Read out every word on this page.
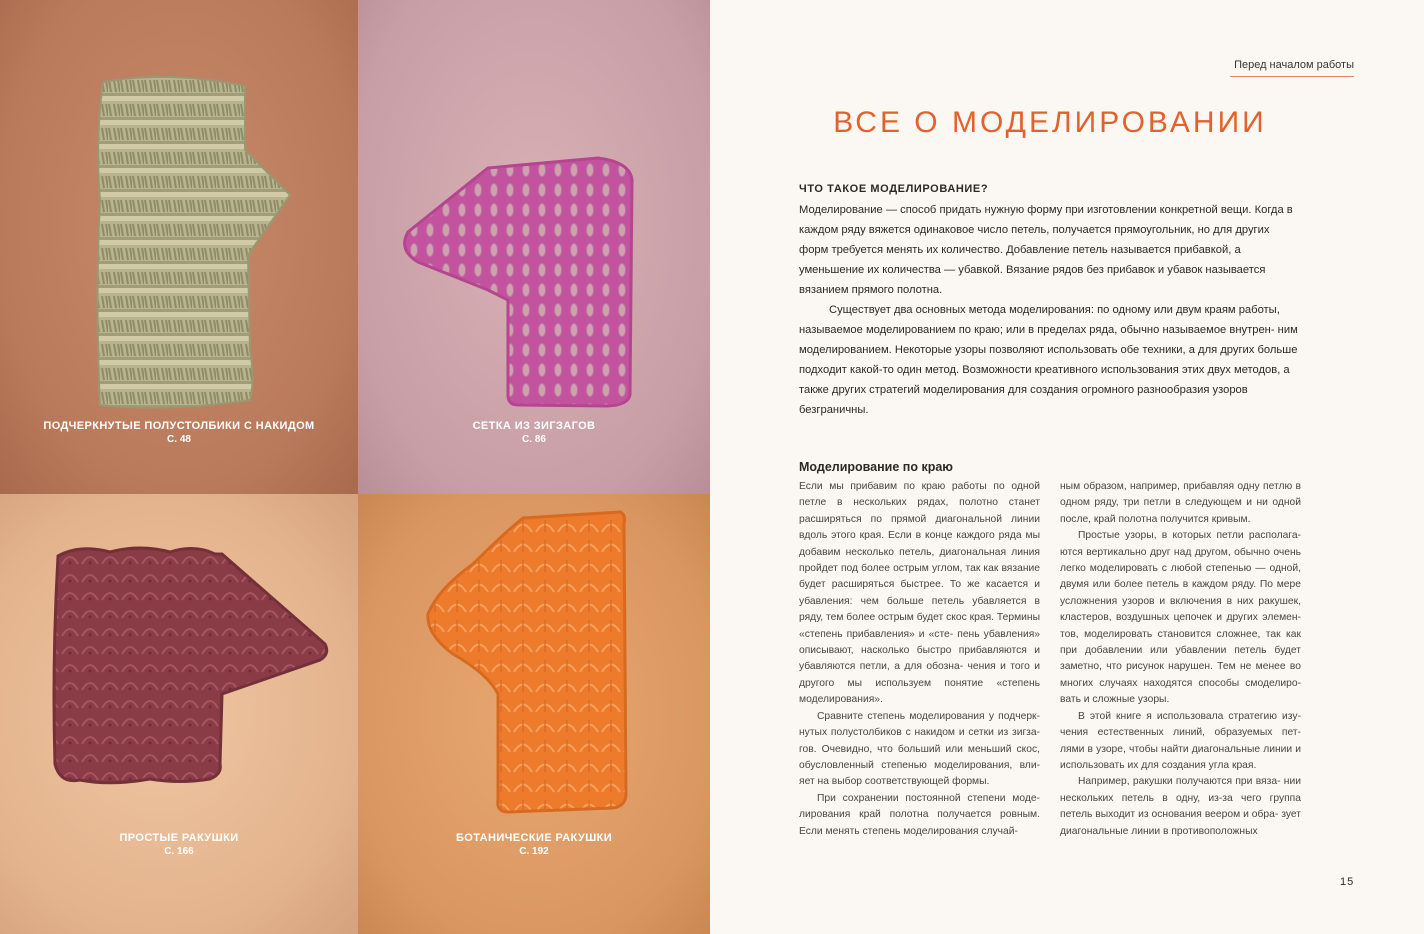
ПОДЧЕРКНУТЫЕ ПОЛУСТОЛБИКИ С НАКИДОМ
С. 48
СЕТКА ИЗ ЗИГЗАГОВ
С. 86
ПРОСТЫЕ РАКУШКИ
С. 166
БОТАНИЧЕСКИЕ РАКУШКИ
С. 192
Перед началом работы
ВСЕ О МОДЕЛИРОВАНИИ
ЧТО ТАКОЕ МОДЕЛИРОВАНИЕ?

Моделирование — способ придать нужную форму при изготовлении конкретной вещи. Когда в каждом ряду вяжется одинаковое число петель, получается прямоугольник, но для других форм требуется менять их количество. Добавление петель называется прибавкой, а уменьшение их количества — убавкой. Вязание рядов без прибавок и убавок называется вязанием прямого полотна.

Существует два основных метода моделирования: по одному или двум краям работы, называемое моделированием по краю; или в пределах ряда, обычно называемое внутрен- ним моделированием. Некоторые узоры позволяют использовать обе техники, а для других больше подходит какой-то один метод. Возможности креативного использования этих двух методов, а также других стратегий моделирования для создания огромного разнообразия узоров безграничны.

Моделирование по краю

Если мы прибавим по краю работы по одной петле в нескольких рядах, полотно станет расширяться по прямой диагональной линии вдоль этого края. Если в конце каждого ряда мы добавим несколько петель, диагональная линия пройдет под более острым углом, так как вязание будет расширяться быстрее. То же касается и убавления: чем больше петель убавляется в ряду, тем более острым будет скос края. Термины «степень прибавления» и «сте- пень убавления» описывают, насколько быстро прибавляются и убавляются петли, а для обозна- чения и того и другого мы используем понятие «степень моделирования».

Сравните степень моделирования у подчерк- нутых полустолбиков с накидом и сетки из зигза- гов. Очевидно, что больший или меньший скос, обусловленный степенью моделирования, вли- яет на выбор соответствующей формы.

При сохранении постоянной степени моде- лирования край полотна получается ровным. Если менять степень моделирования случай-

ным образом, например, прибавляя одну петлю в одном ряду, три петли в следующем и ни одной после, край полотна получится кривым.

Простые узоры, в которых петли располага- ются вертикально друг над другом, обычно очень легко моделировать с любой степенью — одной, двумя или более петель в каждом ряду. По мере усложнения узоров и включения в них ракушек, кластеров, воздушных цепочек и других элемен- тов, моделировать становится сложнее, так как при добавлении или убавлении петель будет заметно, что рисунок нарушен. Тем не менее во многих случаях находятся способы смоделиро- вать и сложные узоры.

В этой книге я использовала стратегию изу- чения естественных линий, образуемых пет- лями в узоре, чтобы найти диагональные линии и использовать их для создания угла края.

Например, ракушки получаются при вяза- нии нескольких петель в одну, из-за чего группа петель выходит из основания веером и обра- зует диагональные линии в противоположных

15
